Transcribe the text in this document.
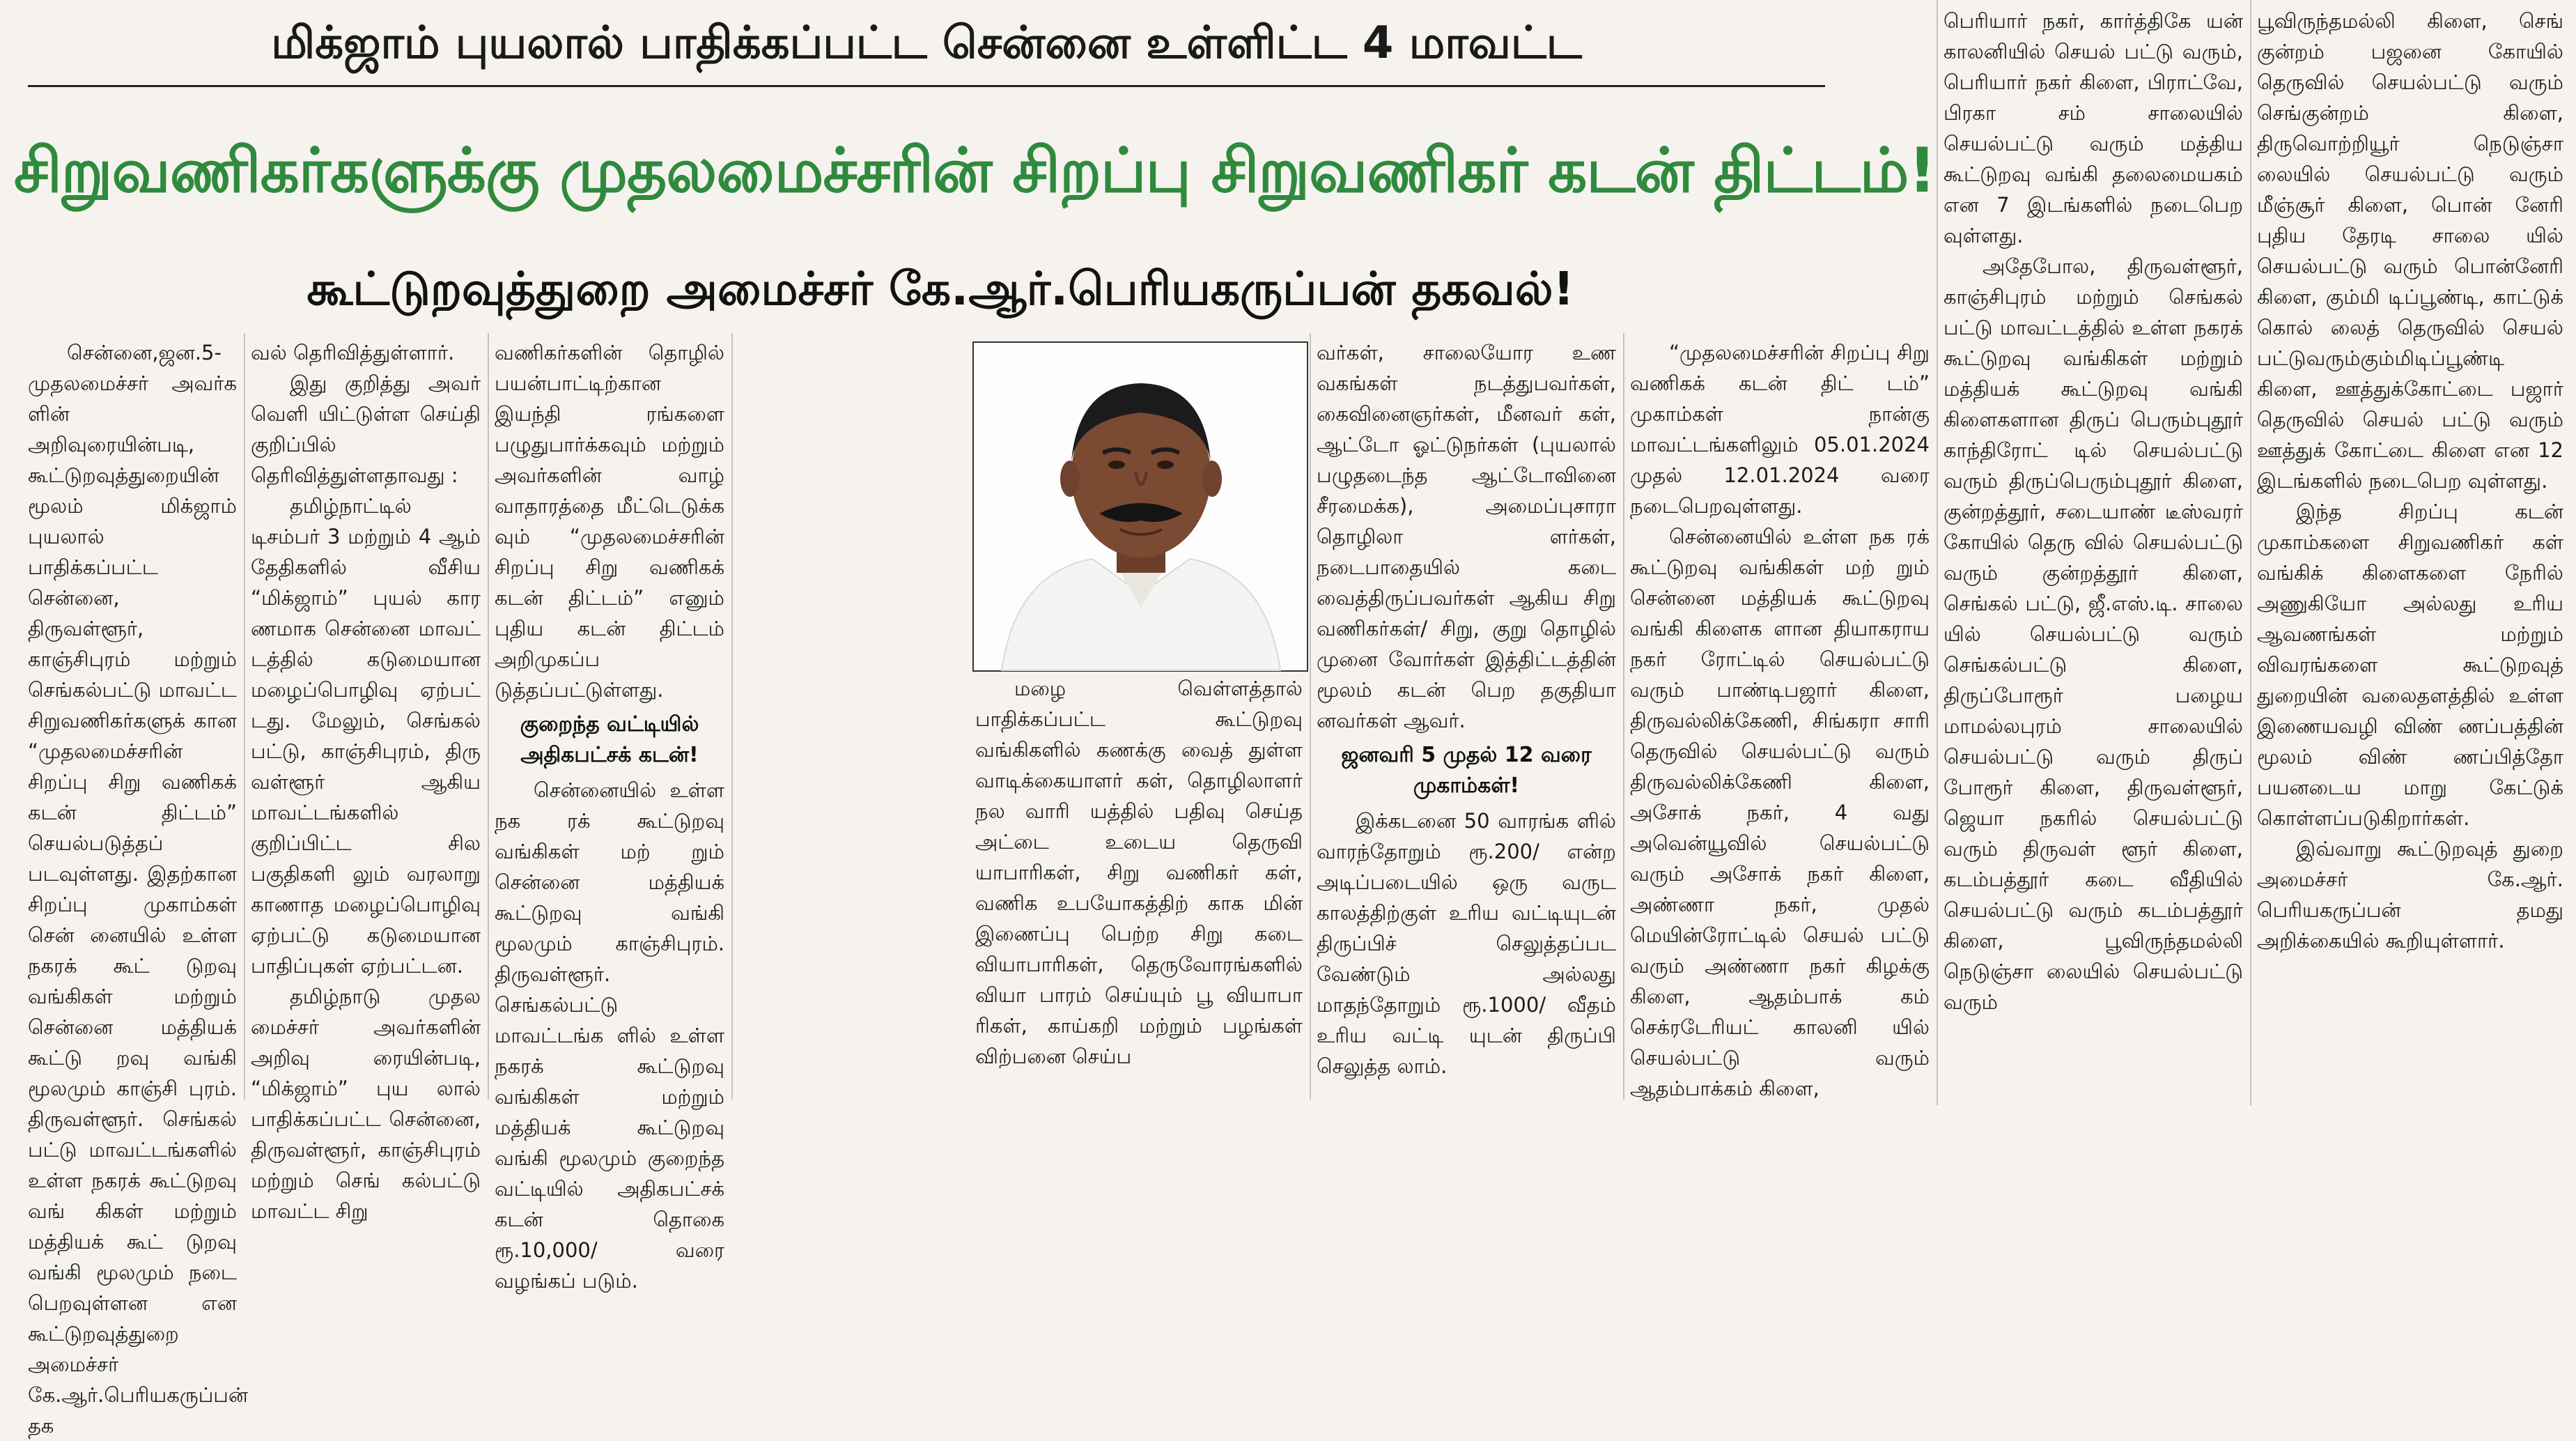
மிக்ஜாம் புயலால் பாதிக்கப்பட்ட சென்னை உள்ளிட்ட 4 மாவட்ட
சிறுவணிகர்களுக்கு முதலமைச்சரின் சிறப்பு சிறுவணிகர் கடன் திட்டம்!
கூட்டுறவுத்துறை அமைச்சர் கே.ஆர்.பெரியகருப்பன் தகவல்!

சென்னை,ஜன.5- முதலமைச்சர் அவர்க ளின் அறிவுரையின்படி, கூட்டுறவுத்துறையின் மூலம் மிக்ஜாம் புயலால் பாதிக்கப்பட்ட சென்னை, திருவள்ளூர், காஞ்சிபுரம் மற்றும் செங்கல்பட்டு மாவட்ட சிறுவணிகர்களுக் கான “முதலமைச்சரின் சிறப்பு சிறு வணிகக் கடன் திட்டம்” செயல்படுத்தப் படவுள்ளது. இதற்கான சிறப்பு முகாம்கள் சென் னையில் உள்ள நகரக் கூட் டுறவு வங்கிகள் மற்றும் சென்னை மத்தியக் கூட்டு றவு வங்கி மூலமும் காஞ்சி புரம். திருவள்ளூர். செங்கல் பட்டு மாவட்டங்களில் உள்ள நகரக் கூட்டுறவு வங் கிகள் மற்றும் மத்தியக் கூட் டுறவு வங்கி மூலமும் நடை பெறவுள்ளன என கூட்டுறவுத்துறை அமைச்சர் கே.ஆர்.பெரியகருப்பன் தக

வல் தெரிவித்துள்ளார்.

இது குறித்து அவர் வெளி யிட்டுள்ள செய்தி குறிப்பில் தெரிவித்துள்ளதாவது :

தமிழ்நாட்டில் டிசம்பர் 3 மற்றும் 4 ஆம் தேதிகளில் வீசிய “மிக்ஜாம்” புயல் கார ணமாக சென்னை மாவட் டத்தில் கடுமையான மழைப்பொழிவு ஏற்பட் டது. மேலும், செங்கல் பட்டு, காஞ்சிபுரம், திரு வள்ளூர் ஆகிய மாவட்டங்களில் குறிப்பிட்ட சில பகுதிகளி லும் வரலாறு காணாத மழைப்பொழிவு ஏற்பட்டு கடுமையான பாதிப்புகள் ஏற்பட்டன.

தமிழ்நாடு முதல மைச்சர் அவர்களின் அறிவு ரையின்படி, “மிக்ஜாம்” புய லால் பாதிக்கப்பட்ட சென்னை, திருவள்ளூர், காஞ்சிபுரம் மற்றும் செங் கல்பட்டு மாவட்ட சிறு

வணிகர்களின் தொழில் பயன்பாட்டிற்கான இயந்தி ரங்களை பழுதுபார்க்கவும் மற்றும் அவர்களின் வாழ் வாதாரத்தை மீட்டெடுக்க வும் “முதலமைச்சரின் சிறப்பு சிறு வணிகக் கடன் திட்டம்” எனும் புதிய கடன் திட்டம் அறிமுகப்ப டுத்தப்பட்டுள்ளது.

குறைந்த வட்டியில் அதிகபட்சக் கடன்!

சென்னையில் உள்ள நக ரக் கூட்டுறவு வங்கிகள் மற் றும் சென்னை மத்தியக் கூட்டுறவு வங்கி மூலமும் காஞ்சிபுரம். திருவள்ளூர். செங்கல்பட்டு மாவட்டங்க ளில் உள்ள நகரக் கூட்டுறவு வங்கிகள் மற்றும் மத்தியக் கூட்டுறவு வங்கி மூலமும் குறைந்த வட்டியில் அதிகபட்சக் கடன் தொகை ரூ.10,000/ வரை வழங்கப் படும்.

மழை வெள்ளத்தால் பாதிக்கப்பட்ட கூட்டுறவு வங்கிகளில் கணக்கு வைத் துள்ள வாடிக்கையாளர் கள், தொழிலாளர் நல வாரி யத்தில் பதிவு செய்த அட்டை உடைய தெருவி யாபாரிகள், சிறு வணிகர் கள், வணிக உபயோகத்திற் காக மின் இணைப்பு பெற்ற சிறு கடை வியாபாரிகள், தெருவோரங்களில் வியா பாரம் செய்யும் பூ வியாபா ரிகள், காய்கறி மற்றும் பழங்கள் விற்பனை செய்ப

வர்கள், சாலையோர உண வகங்கள் நடத்துபவர்கள், கைவினைஞர்கள், மீனவர் கள், ஆட்டோ ஓட்டுநர்கள் (புயலால் பழுதடைந்த ஆட்டோவினை சீரமைக்க), அமைப்புசாரா தொழிலா ளர்கள், நடைபாதையில் கடை வைத்திருப்பவர்கள் ஆகிய சிறு வணிகர்கள்/ சிறு, குறு தொழில் முனை வோர்கள் இத்திட்டத்தின் மூலம் கடன் பெற தகுதியா னவர்கள் ஆவர்.

ஜனவரி 5 முதல் 12 வரை முகாம்கள்!

இக்கடனை 50 வாரங்க ளில் வாரந்தோறும் ரூ.200/ என்ற அடிப்படையில் ஒரு வருட காலத்திற்குள் உரிய வட்டியுடன் திருப்பிச் செலுத்தப்பட வேண்டும் அல்லது மாதந்தோறும் ரூ.1000/ வீதம் உரிய வட்டி யுடன் திருப்பி செலுத்த லாம்.

“முதலமைச்சரின் சிறப்பு சிறு வணிகக் கடன் திட் டம்” முகாம்கள் நான்கு மாவட்டங்களிலும் 05.01.2024 முதல் 12.01.2024 வரை நடைபெறவுள்ளது.

சென்னையில் உள்ள நக ரக் கூட்டுறவு வங்கிகள் மற் றும் சென்னை மத்தியக் கூட்டுறவு வங்கி கிளைக ளான தியாகராய நகர் ரோட்டில் செயல்பட்டு வரும் பாண்டிபஜார் கிளை, திருவல்லிக்கேணி, சிங்கரா சாரி தெருவில் செயல்பட்டு வரும் திருவல்லிக்கேணி கிளை, அசோக் நகர், 4 வது அவென்யூவில் செயல்பட்டு வரும் அசோக் நகர் கிளை, அண்ணா நகர், முதல் மெயின்ரோட்டில் செயல் பட்டு வரும் அண்ணா நகர் கிழக்கு கிளை, ஆதம்பாக் கம் செக்ரடேரியட் காலனி யில் செயல்பட்டு வரும் ஆதம்பாக்கம் கிளை,

பெரியார் நகர், கார்த்திகே யன் காலனியில் செயல் பட்டு வரும், பெரியார் நகர் கிளை, பிராட்வே, பிரகா சம் சாலையில் செயல்பட்டு வரும் மத்திய கூட்டுறவு வங்கி தலைமையகம் என 7 இடங்களில் நடைபெற வுள்ளது.

அதேபோல, திருவள்ளூர், காஞ்சிபுரம் மற்றும் செங்கல் பட்டு மாவட்டத்தில் உள்ள நகரக் கூட்டுறவு வங்கிகள் மற்றும் மத்தியக் கூட்டுறவு வங்கி கிளைகளான திருப் பெரும்புதூர் காந்திரோட் டில் செயல்பட்டு வரும் திருப்பெரும்புதூர் கிளை, குன்றத்தூர், சடையாண் டீஸ்வரர் கோயில் தெரு வில் செயல்பட்டு வரும் குன்றத்தூர் கிளை, செங்கல் பட்டு, ஜீ.எஸ்.டி. சாலை யில் செயல்பட்டு வரும் செங்கல்பட்டு கிளை, திருப்போரூர் பழைய மாமல்லபுரம் சாலையில் செயல்பட்டு வரும் திருப் போரூர் கிளை, திருவள்ளூர், ஜெயா நகரில் செயல்பட்டு வரும் திருவள் ளூர் கிளை, கடம்பத்தூர் கடை வீதியில் செயல்பட்டு வரும் கடம்பத்தூர் கிளை, பூவிருந்தமல்லி நெடுஞ்சா லையில் செயல்பட்டு வரும்

பூவிருந்தமல்லி கிளை, செங் குன்றம் பஜனை கோயில் தெருவில் செயல்பட்டு வரும் செங்குன்றம் கிளை, திருவொற்றியூர் நெடுஞ்சா லையில் செயல்பட்டு வரும் மீஞ்சூர் கிளை, பொன் னேரி புதிய தேரடி சாலை யில் செயல்பட்டு வரும் பொன்னேரி கிளை, கும்மி டிப்பூண்டி, காட்டுக் கொல் லைத் தெருவில் செயல் பட்டுவரும்கும்மிடிப்பூண்டி கிளை, ஊத்துக்கோட்டை பஜார் தெருவில் செயல் பட்டு வரும் ஊத்துக் கோட்டை கிளை என 12 இடங்களில் நடைபெற வுள்ளது.

இந்த சிறப்பு கடன் முகாம்களை சிறுவணிகர் கள் வங்கிக் கிளைகளை நேரில் அணுகியோ அல்லது உரிய ஆவணங்கள் மற்றும் விவரங்களை கூட்டுறவுத் துறையின் வலைதளத்தில் உள்ள இணையவழி விண் ணப்பத்தின் மூலம் விண் ணப்பித்தோ பயனடைய மாறு கேட்டுக் கொள்ளப்படுகிறார்கள்.

இவ்வாறு கூட்டுறவுத் துறை அமைச்சர் கே.ஆர். பெரியகருப்பன் தமது அறிக்கையில் கூறியுள்ளார்.
